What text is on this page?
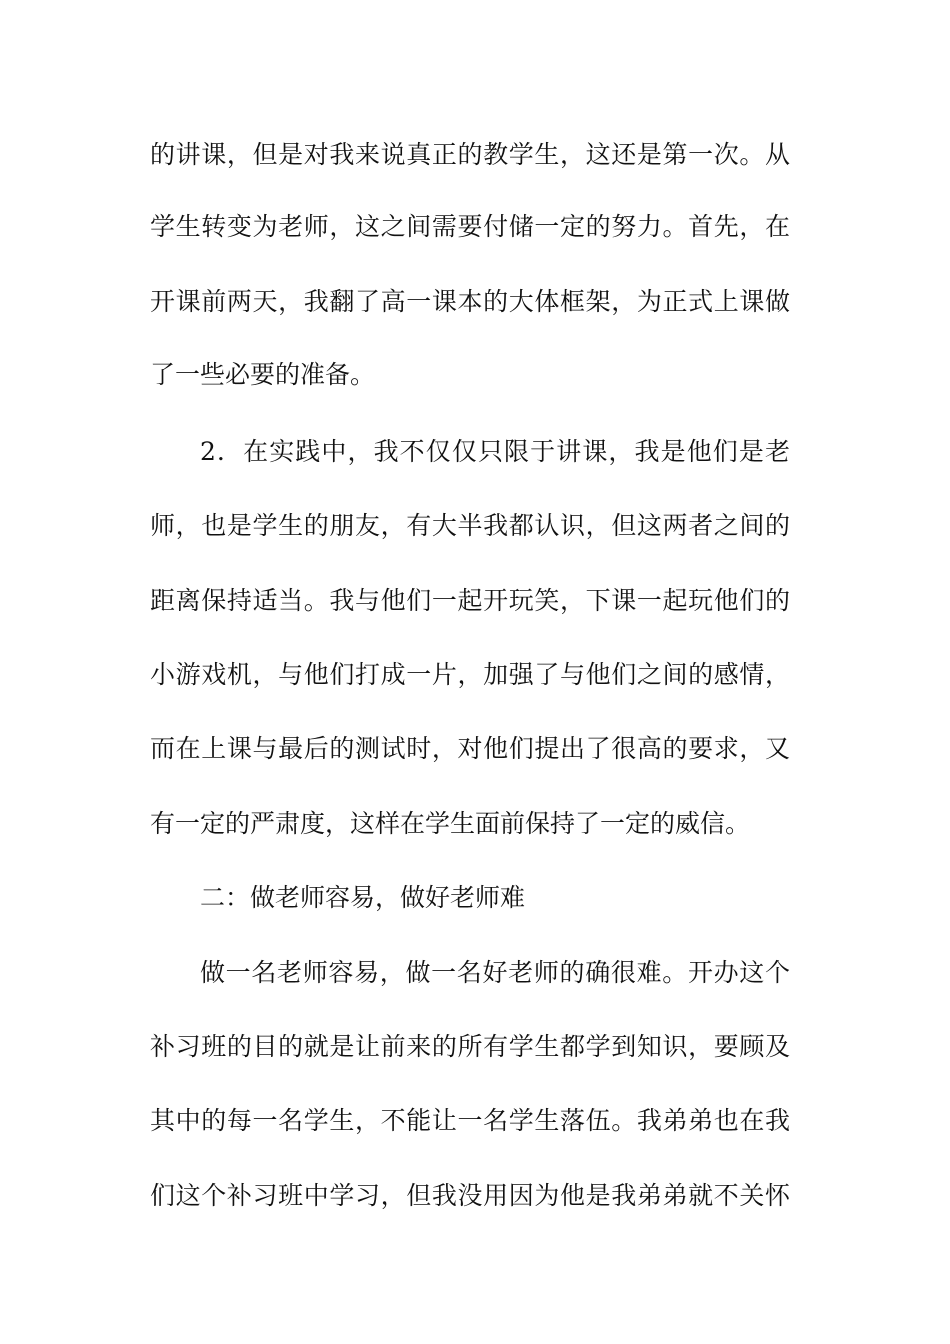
的讲课，但是对我来说真正的教学生，这还是第一次。从
学生转变为老师，这之间需要付储一定的努力。首先，在
开课前两天，我翻了高一课本的大体框架，为正式上课做
了一些必要的准备。
2．在实践中，我不仅仅只限于讲课，我是他们是老
师，也是学生的朋友，有大半我都认识，但这两者之间的
距离保持适当。我与他们一起开玩笑，下课一起玩他们的
小游戏机，与他们打成一片，加强了与他们之间的感情，
而在上课与最后的测试时，对他们提出了很高的要求，又
有一定的严肃度，这样在学生面前保持了一定的威信。
二：做老师容易，做好老师难
做一名老师容易，做一名好老师的确很难。开办这个
补习班的目的就是让前来的所有学生都学到知识，要顾及
其中的每一名学生，不能让一名学生落伍。我弟弟也在我
们这个补习班中学习，但我没用因为他是我弟弟就不关怀
